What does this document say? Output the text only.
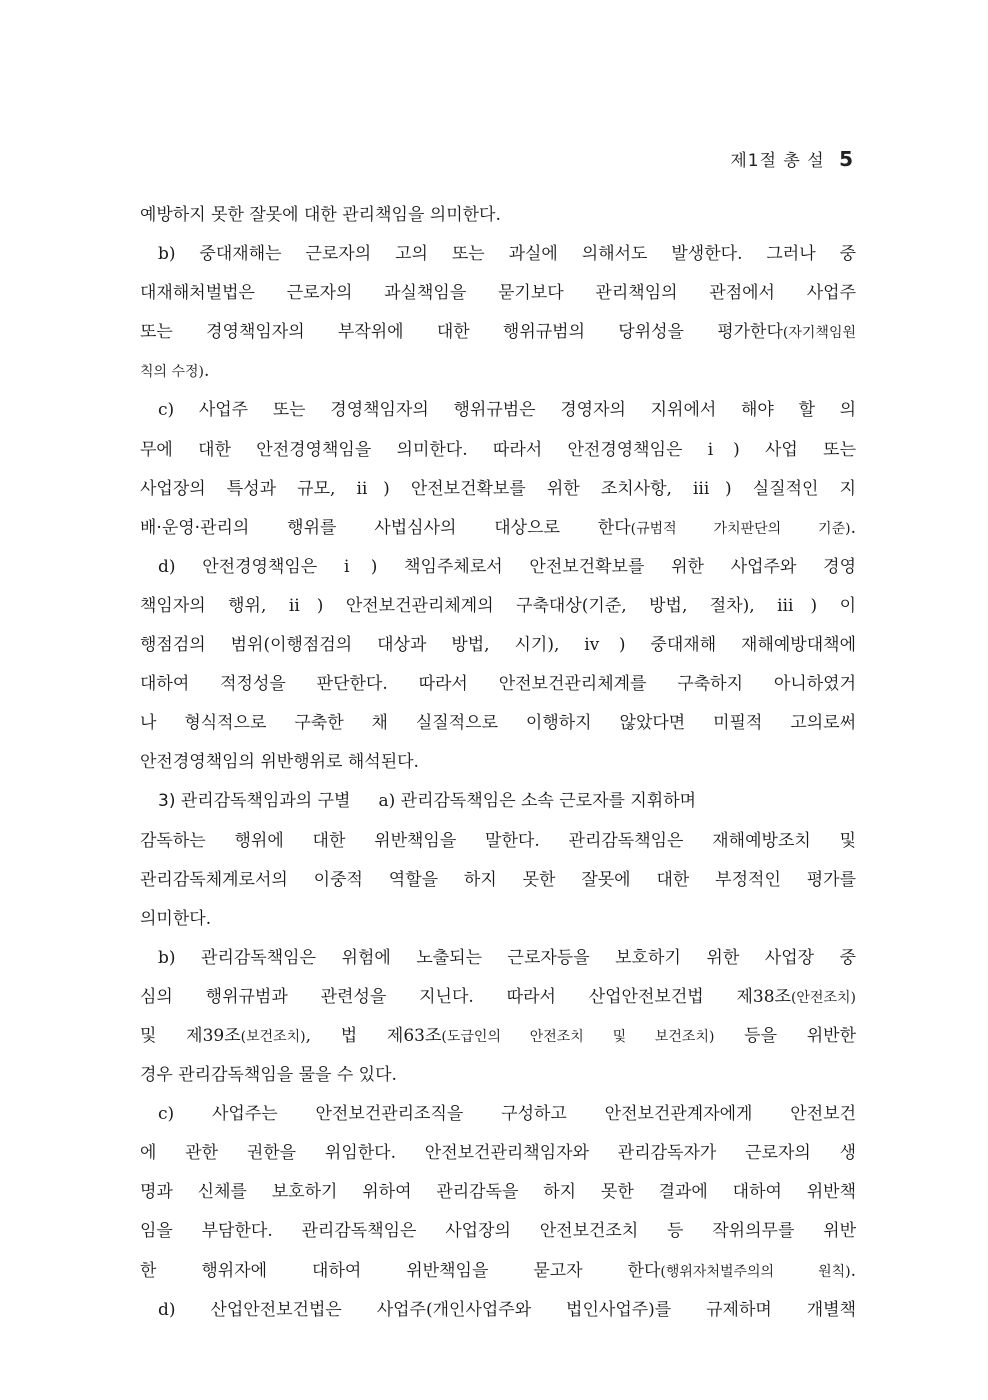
제1절 총 설 5
예방하지 못한 잘못에 대한 관리책임을 의미한다.
b) 중대재해는 근로자의 고의 또는 과실에 의해서도 발생한다. 그러나 중
대재해처벌법은 근로자의 과실책임을 묻기보다 관리책임의 관점에서 사업주
또는 경영책임자의 부작위에 대한 행위규범의 당위성을 평가한다(자기책임원
칙의 수정).
c) 사업주 또는 경영책임자의 행위규범은 경영자의 지위에서 해야 할 의
무에 대한 안전경영책임을 의미한다. 따라서 안전경영책임은 ⅰ) 사업 또는
사업장의 특성과 규모, ⅱ) 안전보건확보를 위한 조치사항, ⅲ) 실질적인 지
배·운영·관리의 행위를 사법심사의 대상으로 한다(규범적 가치판단의 기준).
d) 안전경영책임은 ⅰ) 책임주체로서 안전보건확보를 위한 사업주와 경영
책임자의 행위, ⅱ) 안전보건관리체계의 구축대상(기준, 방법, 절차), ⅲ) 이
행점검의 범위(이행점검의 대상과 방법, 시기), ⅳ) 중대재해 재해예방대책에
대하여 적정성을 판단한다. 따라서 안전보건관리체계를 구축하지 아니하였거
나 형식적으로 구축한 채 실질적으로 이행하지 않았다면 미필적 고의로써
안전경영책임의 위반행위로 해석된다.
3) 관리감독책임과의 구별 a) 관리감독책임은 소속 근로자를 지휘하며
감독하는 행위에 대한 위반책임을 말한다. 관리감독책임은 재해예방조치 및
관리감독체계로서의 이중적 역할을 하지 못한 잘못에 대한 부정적인 평가를
의미한다.
b) 관리감독책임은 위험에 노출되는 근로자등을 보호하기 위한 사업장 중
심의 행위규범과 관련성을 지닌다. 따라서 산업안전보건법 제38조(안전조치)
및 제39조(보건조치), 법 제63조(도급인의 안전조치 및 보건조치) 등을 위반한
경우 관리감독책임을 물을 수 있다.
c) 사업주는 안전보건관리조직을 구성하고 안전보건관계자에게 안전보건
에 관한 권한을 위임한다. 안전보건관리책임자와 관리감독자가 근로자의 생
명과 신체를 보호하기 위하여 관리감독을 하지 못한 결과에 대하여 위반책
임을 부담한다. 관리감독책임은 사업장의 안전보건조치 등 작위의무를 위반
한 행위자에 대하여 위반책임을 묻고자 한다(행위자처벌주의의 원칙).
d) 산업안전보건법은 사업주(개인사업주와 법인사업주)를 규제하며 개별책
